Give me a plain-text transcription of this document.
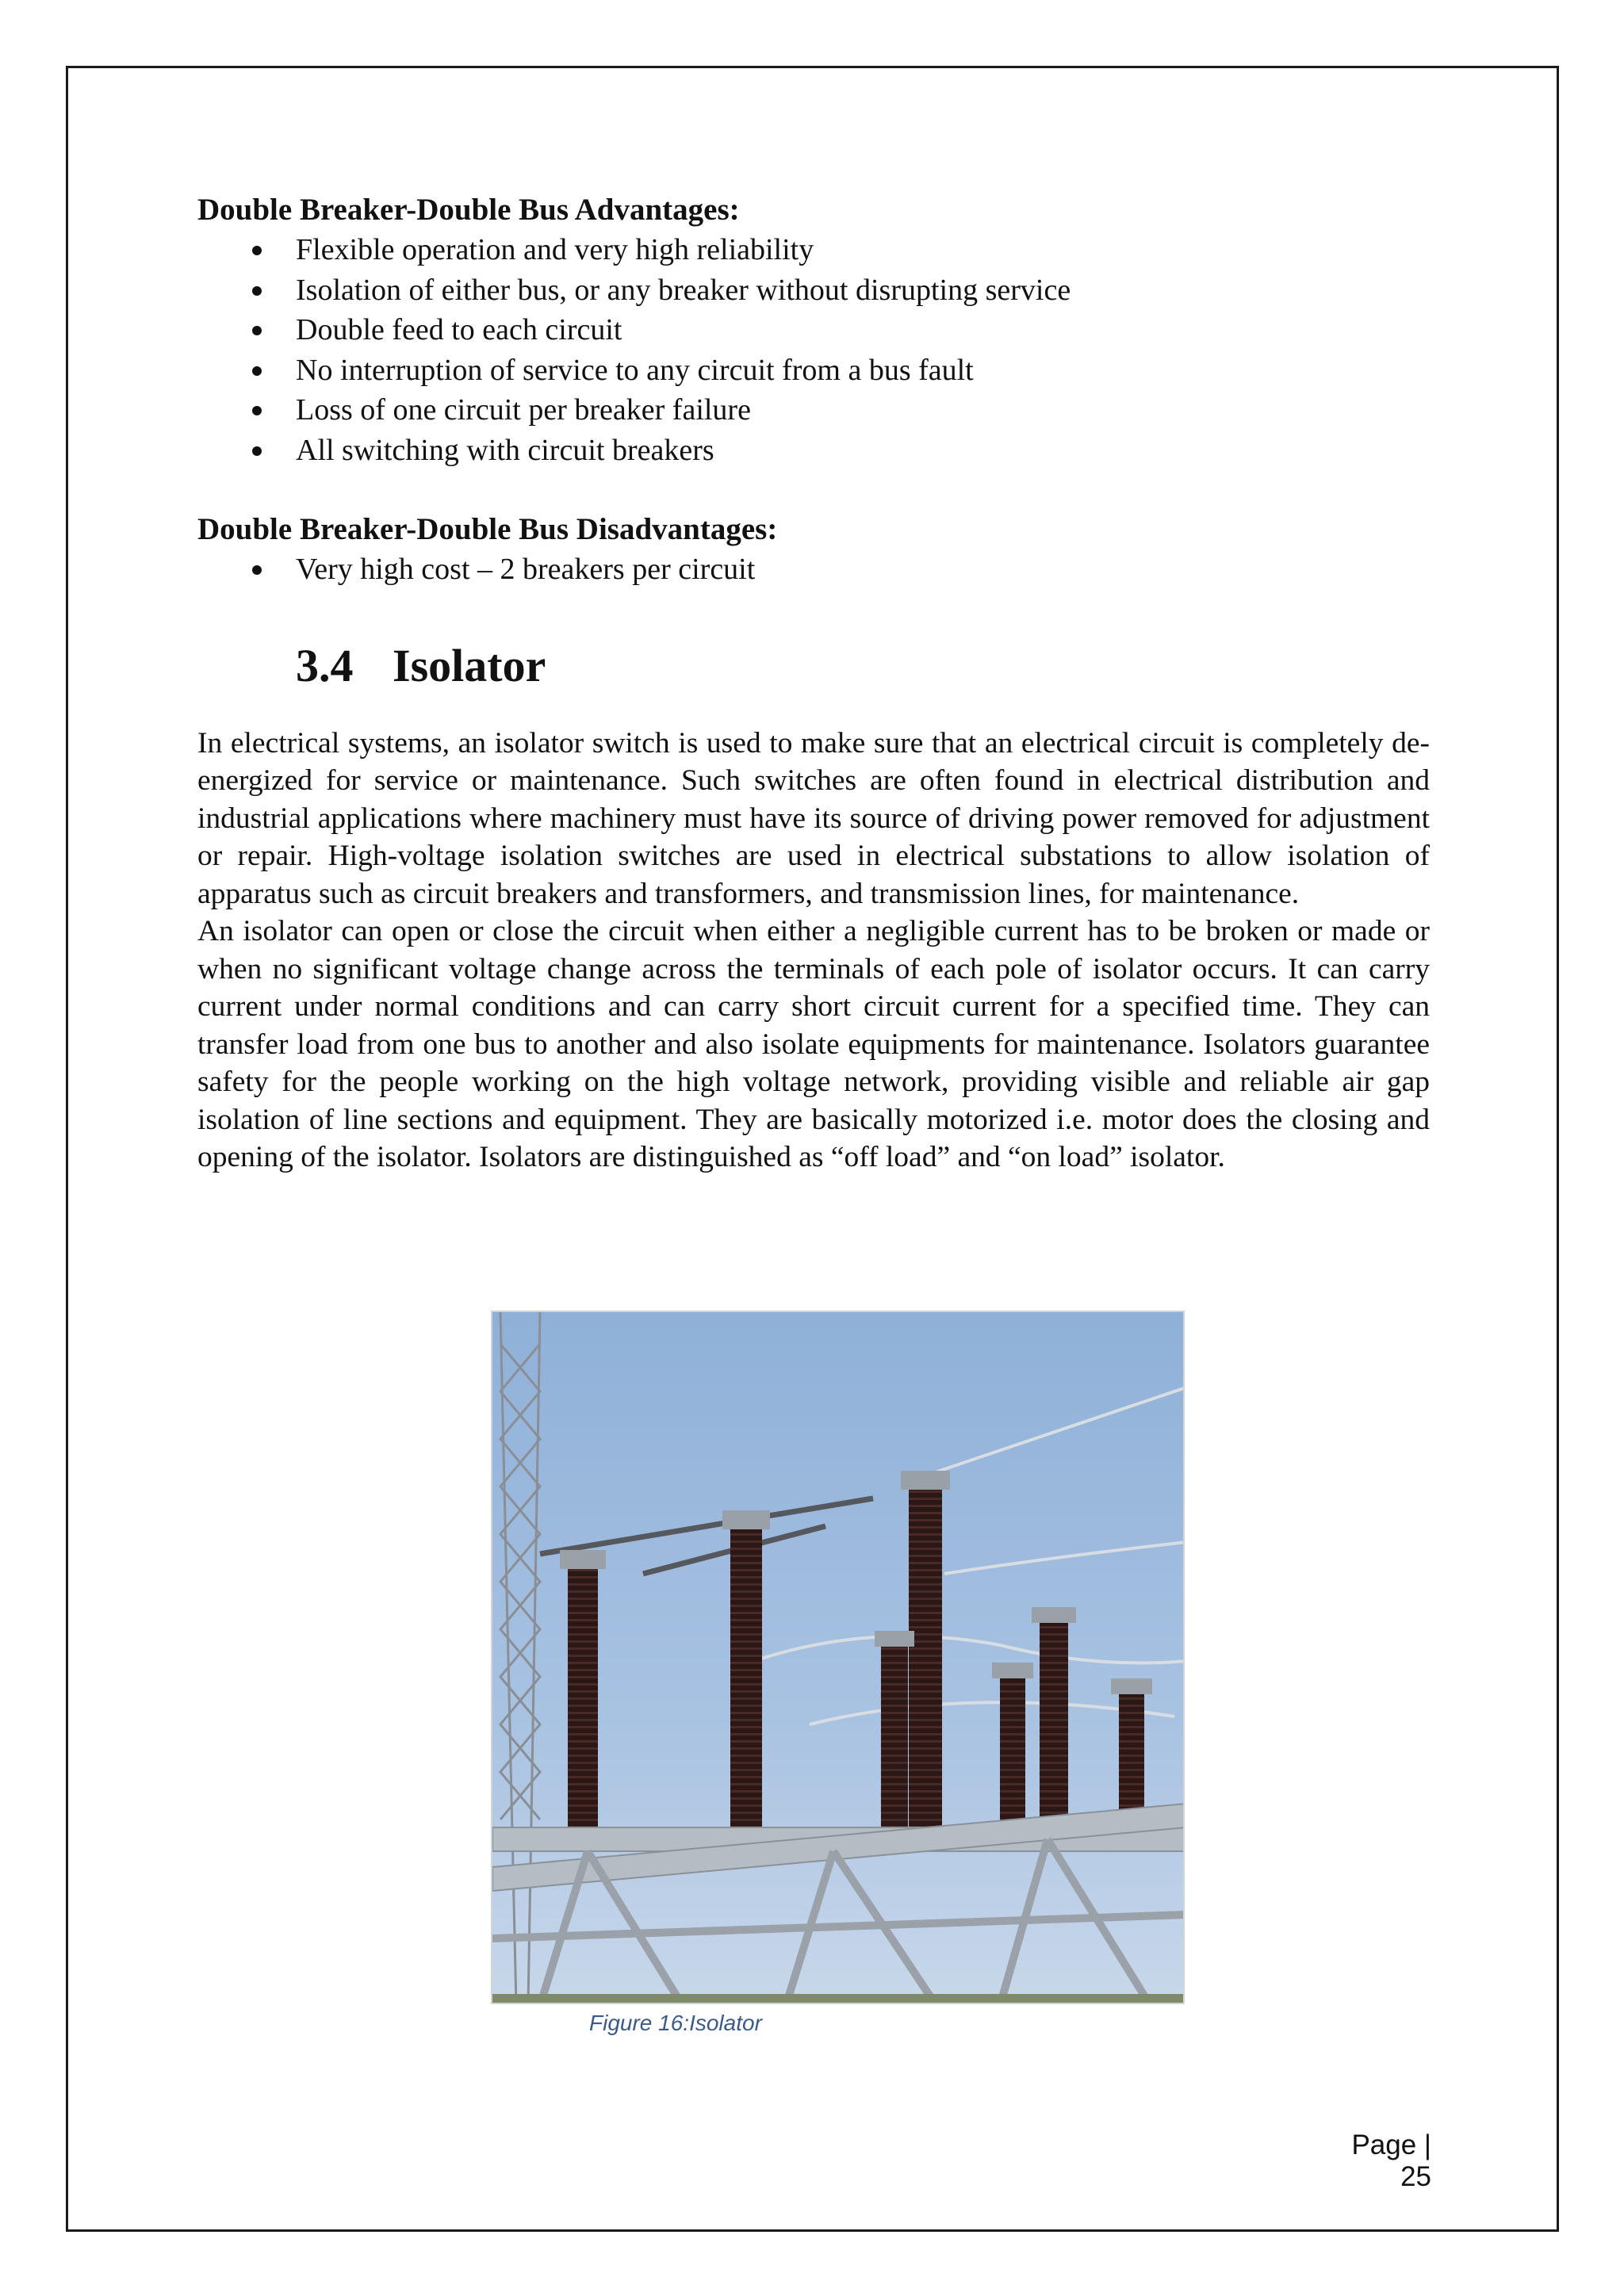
Double Breaker-Double Bus Advantages:

Flexible operation and very high reliability
Isolation of either bus, or any breaker without disrupting service
Double feed to each circuit
No interruption of service to any circuit from a bus fault
Loss of one circuit per breaker failure
All switching with circuit breakers

Double Breaker-Double Bus Disadvantages:

Very high cost – 2 breakers per circuit
3.4 Isolator

In electrical systems, an isolator switch is used to make sure that an electrical circuit is completely de-energized for service or maintenance. Such switches are often found in electrical distribution and industrial applications where machinery must have its source of driving power removed for adjustment or repair. High-voltage isolation switches are used in electrical substations to allow isolation of apparatus such as circuit breakers and transformers, and transmission lines, for maintenance.

An isolator can open or close the circuit when either a negligible current has to be broken or made or when no significant voltage change across the terminals of each pole of isolator occurs. It can carry current under normal conditions and can carry short circuit current for a specified time. They can transfer load from one bus to another and also isolate equipments for maintenance. Isolators guarantee safety for the people working on the high voltage network, providing visible and reliable air gap isolation of line sections and equipment. They are basically motorized i.e. motor does the closing and opening of the isolator. Isolators are distinguished as “off load” and “on load” isolator.

Figure 16:Isolator
Page | 25
